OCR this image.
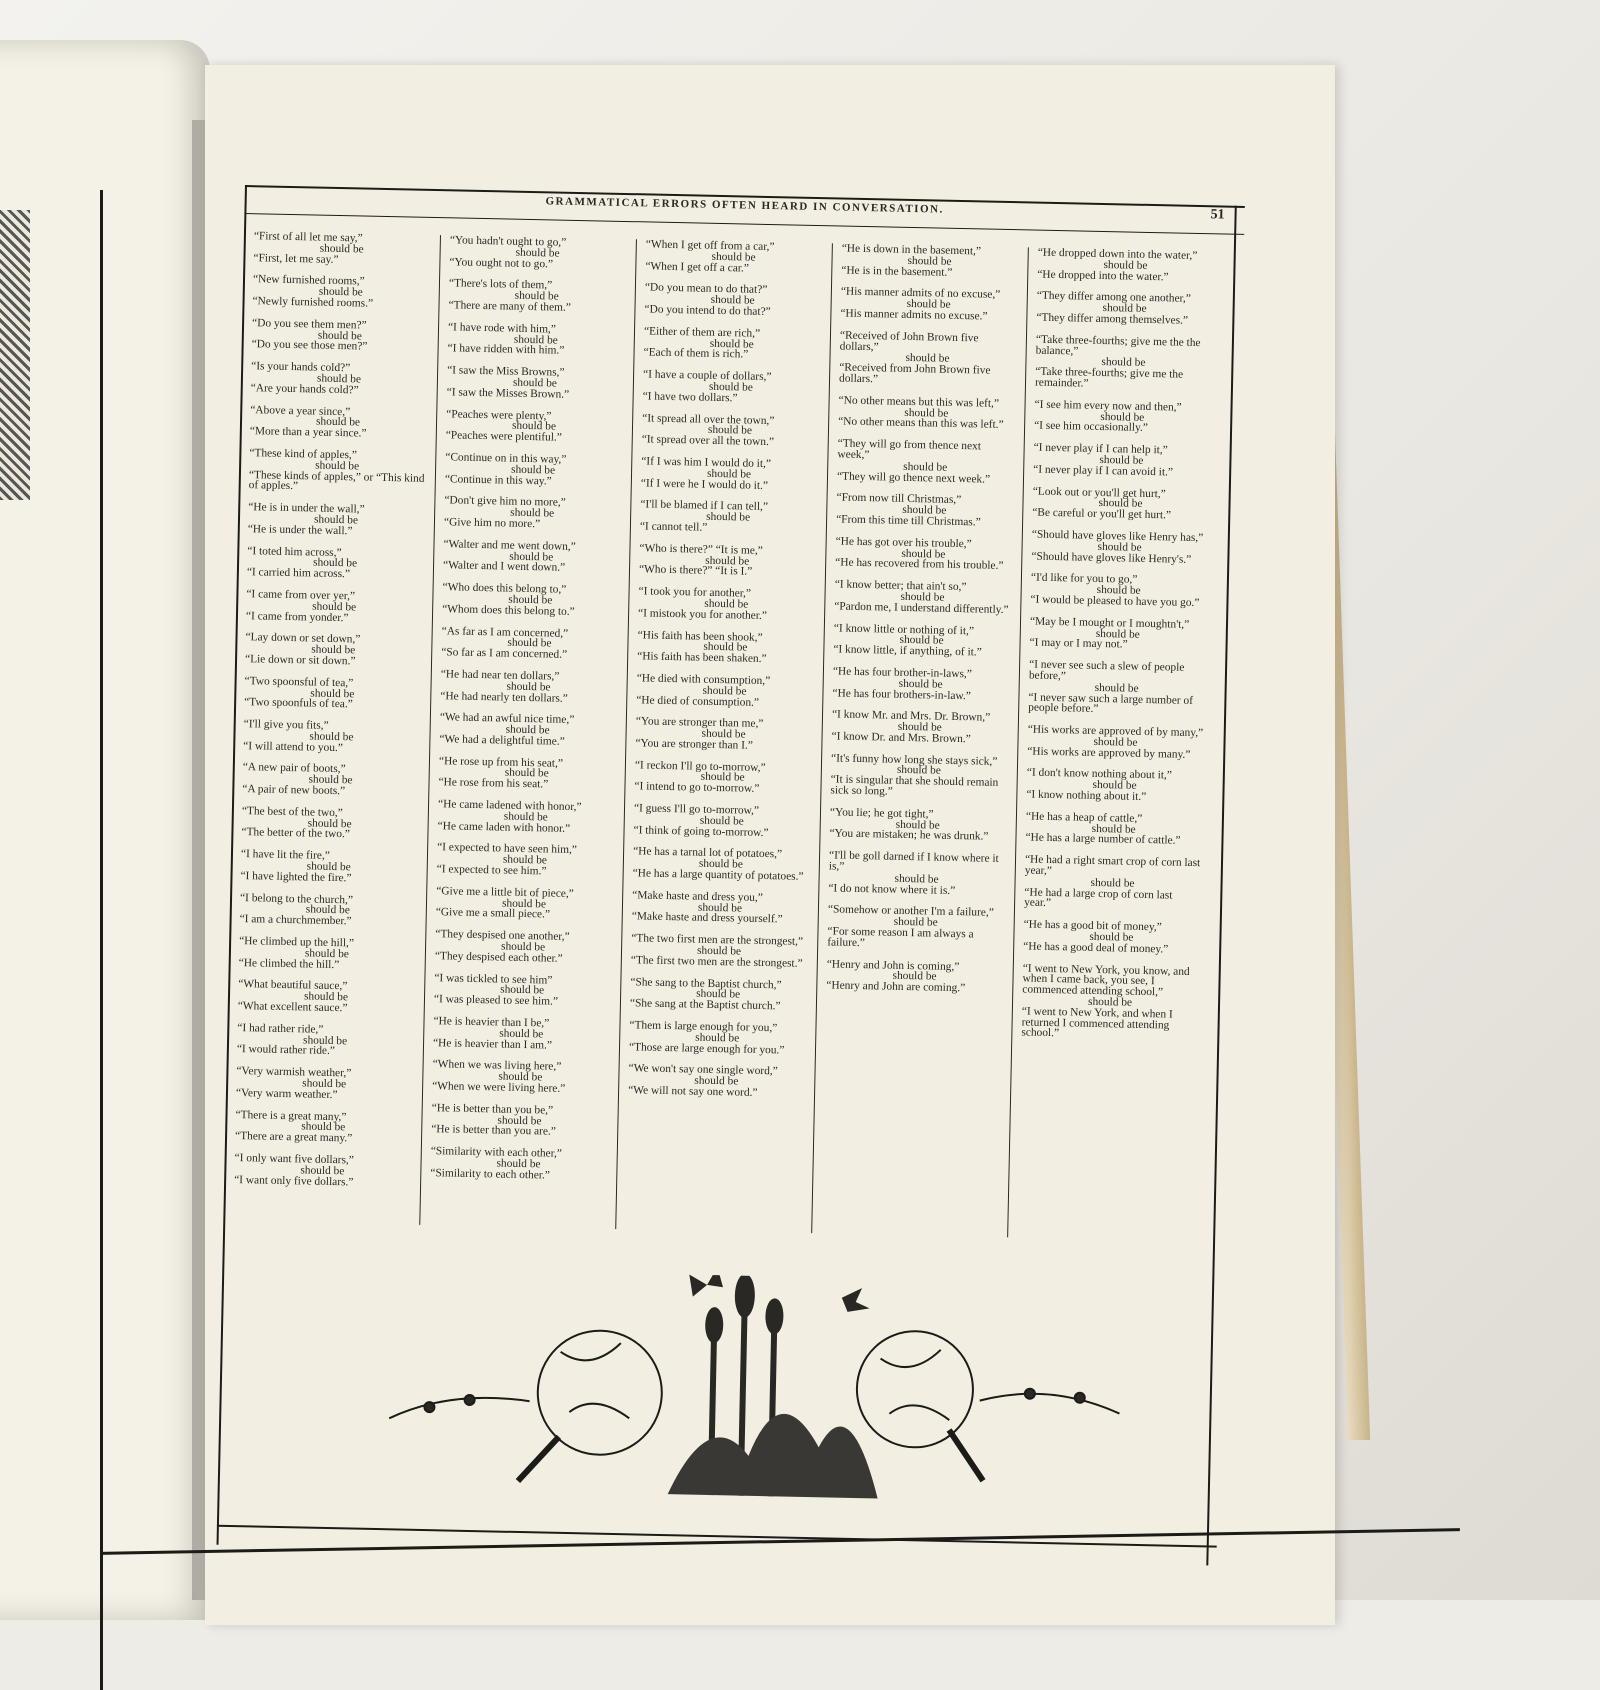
GRAMMATICAL ERRORS OFTEN HEARD IN CONVERSATION.	51
“First of all let me say,”
should be
“First, let me say.”
“New furnished rooms,”
should be
“Newly furnished rooms.”
“Do you see them men?”
should be
“Do you see those men?”
“Is your hands cold?”
should be
“Are your hands cold?”
“Above a year since,”
should be
“More than a year since.”
“These kind of apples,”
should be
“These kinds of apples,” or “This kind of apples.”
“He is in under the wall,”
should be
“He is under the wall.”
“I toted him across,”
should be
“I carried him across.”
“I came from over yer,”
should be
“I came from yonder.”
“Lay down or set down,”
should be
“Lie down or sit down.”
“Two spoonsful of tea,”
should be
“Two spoonfuls of tea.”
“I'll give you fits,”
should be
“I will attend to you.”
“A new pair of boots,”
should be
“A pair of new boots.”
“The best of the two,”
should be
“The better of the two.”
“I have lit the fire,”
should be
“I have lighted the fire.”
“I belong to the church,”
should be
“I am a churchmember.”
“He climbed up the hill,”
should be
“He climbed the hill.”
“What beautiful sauce,”
should be
“What excellent sauce.”
“I had rather ride,”
should be
“I would rather ride.”
“Very warmish weather,”
should be
“Very warm weather.”
“There is a great many,”
should be
“There are a great many.”
“I only want five dollars,”
should be
“I want only five dollars.”
“You hadn't ought to go,”
should be
“You ought not to go.”
“There's lots of them,”
should be
“There are many of them.”
“I have rode with him,”
should be
“I have ridden with him.”
“I saw the Miss Browns,”
should be
“I saw the Misses Brown.”
“Peaches were plenty,”
should be
“Peaches were plentiful.”
“Continue on in this way,”
should be
“Continue in this way.”
“Don't give him no more,”
should be
“Give him no more.”
“Walter and me went down,”
should be
“Walter and I went down.”
“Who does this belong to,”
should be
“Whom does this belong to.”
“As far as I am concerned,”
should be
“So far as I am concerned.”
“He had near ten dollars,”
should be
“He had nearly ten dollars.”
“We had an awful nice time,”
should be
“We had a delightful time.”
“He rose up from his seat,”
should be
“He rose from his seat.”
“He came ladened with honor,”
should be
“He came laden with honor.”
“I expected to have seen him,”
should be
“I expected to see him.”
“Give me a little bit of piece,”
should be
“Give me a small piece.”
“They despised one another,”
should be
“They despised each other.”
“I was tickled to see him”
should be
“I was pleased to see him.”
“He is heavier than I be,”
should be
“He is heavier than I am.”
“When we was living here,”
should be
“When we were living here.”
“He is better than you be,”
should be
“He is better than you are.”
“Similarity with each other,”
should be
“Similarity to each other.”
“When I get off from a car,”
should be
“When I get off a car.”
“Do you mean to do that?”
should be
“Do you intend to do that?”
“Either of them are rich,”
should be
“Each of them is rich.”
“I have a couple of dollars,”
should be
“I have two dollars.”
“It spread all over the town,”
should be
“It spread over all the town.”
“If I was him I would do it,”
should be
“If I were he I would do it.”
“I'll be blamed if I can tell,”
should be
“I cannot tell.”
“Who is there?” “It is me,”
should be
“Who is there?” “It is I.”
“I took you for another,”
should be
“I mistook you for another.”
“His faith has been shook,”
should be
“His faith has been shaken.”
“He died with consumption,”
should be
“He died of consumption.”
“You are stronger than me,”
should be
“You are stronger than I.”
“I reckon I'll go to-morrow,”
should be
“I intend to go to-morrow.”
“I guess I'll go to-morrow,”
should be
“I think of going to-morrow.”
“He has a tarnal lot of potatoes,”
should be
“He has a large quantity of potatoes.”
“Make haste and dress you,”
should be
“Make haste and dress yourself.”
“The two first men are the strongest,”
should be
“The first two men are the strongest.”
“She sang to the Baptist church,”
should be
“She sang at the Baptist church.”
“Them is large enough for you,”
should be
“Those are large enough for you.”
“We won't say one single word,”
should be
“We will not say one word.”
“He is down in the basement,”
should be
“He is in the basement.”
“His manner admits of no excuse,”
should be
“His manner admits no excuse.”
“Received of John Brown five dollars,”
should be
“Received from John Brown five dollars.”
“No other means but this was left,”
should be
“No other means than this was left.”
“They will go from thence next week,”
should be
“They will go thence next week.”
“From now till Christmas,”
should be
“From this time till Christmas.”
“He has got over his trouble,”
should be
“He has recovered from his trouble.”
“I know better; that ain't so,”
should be
“Pardon me, I understand differently.”
“I know little or nothing of it,”
should be
“I know little, if anything, of it.”
“He has four brother-in-laws,”
should be
“He has four brothers-in-law.”
“I know Mr. and Mrs. Dr. Brown,”
should be
“I know Dr. and Mrs. Brown.”
“It's funny how long she stays sick,”
should be
“It is singular that she should remain sick so long.”
“You lie; he got tight,”
should be
“You are mistaken; he was drunk.”
“I'll be goll darned if I know where it is,”
should be
“I do not know where it is.”
“Somehow or another I'm a failure,”
should be
“For some reason I am always a failure.”
“Henry and John is coming,”
should be
“Henry and John are coming.”
“He dropped down into the water,”
should be
“He dropped into the water.”
“They differ among one another,”
should be
“They differ among themselves.”
“Take three-fourths; give me the the balance,”
should be
“Take three-fourths; give me the remainder.”
“I see him every now and then,”
should be
“I see him occasionally.”
“I never play if I can help it,”
should be
“I never play if I can avoid it.”
“Look out or you'll get hurt,”
should be
“Be careful or you'll get hurt.”
“Should have gloves like Henry has,”
should be
“Should have gloves like Henry's.”
“I'd like for you to go,”
should be
“I would be pleased to have you go.”
“May be I mought or I moughtn't,”
should be
“I may or I may not.”
“I never see such a slew of people before,”
should be
“I never saw such a large number of people before.”
“His works are approved of by many,”
should be
“His works are approved by many.”
“I don't know nothing about it,”
should be
“I know nothing about it.”
“He has a heap of cattle,”
should be
“He has a large number of cattle.”
“He had a right smart crop of corn last year,”
should be
“He had a large crop of corn last year.”
“He has a good bit of money,”
should be
“He has a good deal of money.”
“I went to New York, you know, and when I came back, you see, I commenced attending school,”
should be
“I went to New York, and when I returned I commenced attending school.”
